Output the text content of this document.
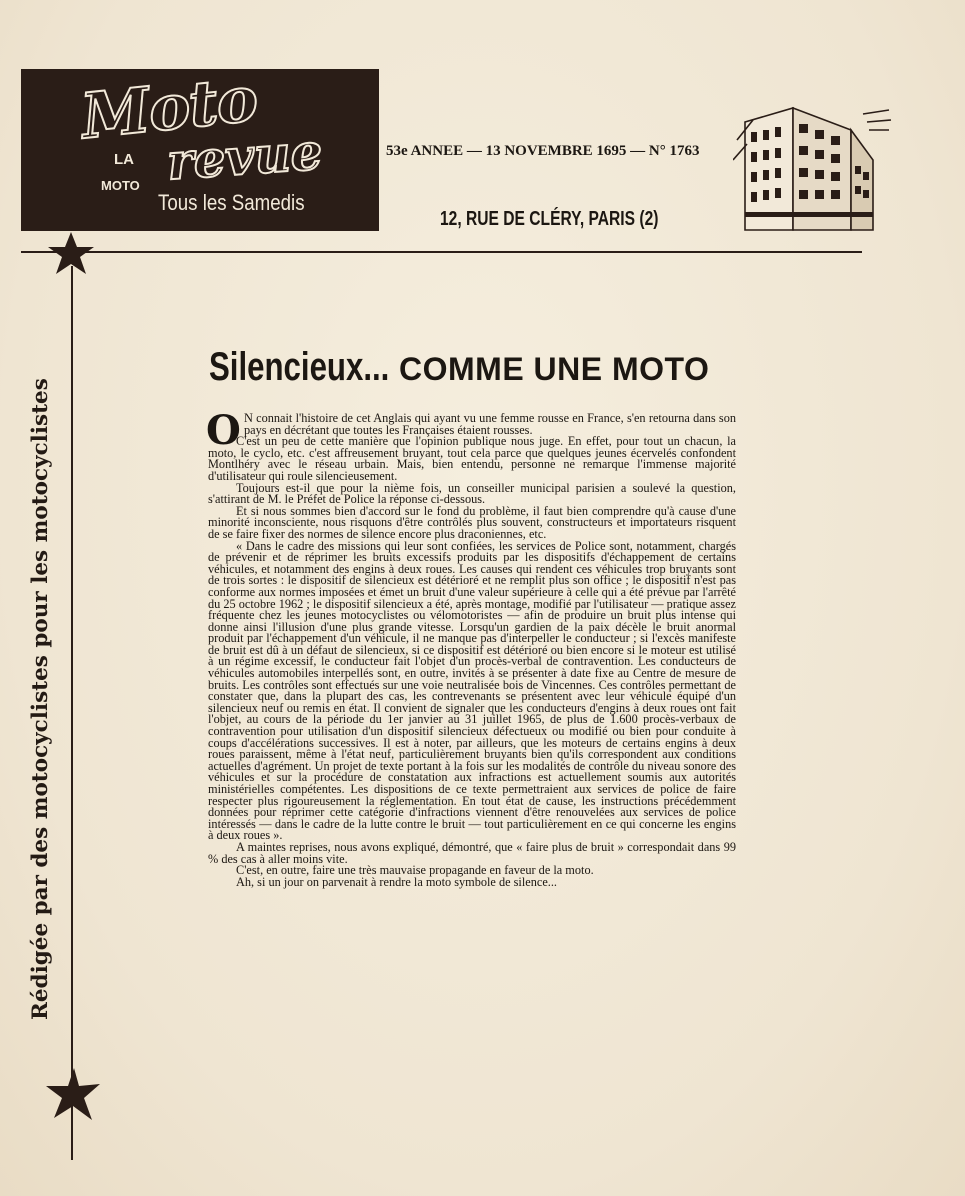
Moto
LA revue
MOTO
Tous les Samedis
53e ANNEE — 13 NOVEMBRE 1695 — N° 1763
12, RUE DE CLÉRY, PARIS (2)
Rédigée par des motocyclistes pour les motocyclistes
Silencieux... COMME UNE MOTO
O N connait l'histoire de cet Anglais qui ayant vu une femme rousse en France, s'en retourna dans son pays en décrétant que toutes les Françaises étaient rousses.

C'est un peu de cette manière que l'opinion publique nous juge. En effet, pour tout un chacun, la moto, le cyclo, etc. c'est affreusement bruyant, tout cela parce que quelques jeunes écervelés confondent Montlhéry avec le réseau urbain. Mais, bien entendu, personne ne remarque l'immense majorité d'utilisateur qui roule silencieusement.

Toujours est-il que pour la nième fois, un conseiller municipal parisien a soulevé la question, s'attirant de M. le Préfet de Police la réponse ci-dessous.

Et si nous sommes bien d'accord sur le fond du problème, il faut bien comprendre qu'à cause d'une minorité inconsciente, nous risquons d'être contrôlés plus souvent, constructeurs et importateurs risquent de se faire fixer des normes de silence encore plus draconiennes, etc.

« Dans le cadre des missions qui leur sont confiées, les services de Police sont, notamment, chargés de prévenir et de réprimer les bruits excessifs produits par les dispositifs d'échappement de certains véhicules, et notamment des engins à deux roues. Les causes qui rendent ces véhicules trop bruyants sont de trois sortes : le dispositif de silencieux est détérioré et ne remplit plus son office ; le dispositif n'est pas conforme aux normes imposées et émet un bruit d'une valeur supérieure à celle qui a été prévue par l'arrêté du 25 octobre 1962 ; le dispositif silencieux a été, après montage, modifié par l'utilisateur — pratique assez fréquente chez les jeunes motocyclistes ou vélomotoristes — afin de produire un bruit plus intense qui donne ainsi l'illusion d'une plus grande vitesse. Lorsqu'un gardien de la paix décèle le bruit anormal produit par l'échappement d'un véhicule, il ne manque pas d'interpeller le conducteur ; si l'excès manifeste de bruit est dû à un défaut de silencieux, si ce dispositif est détérioré ou bien encore si le moteur est utilisé à un régime excessif, le conducteur fait l'objet d'un procès-verbal de contravention. Les conducteurs de véhicules automobiles interpellés sont, en outre, invités à se présenter à date fixe au Centre de mesure de bruits. Les contrôles sont effectués sur une voie neutralisée bois de Vincennes. Ces contrôles permettant de constater que, dans la plupart des cas, les contrevenants se présentent avec leur véhicule équipé d'un silencieux neuf ou remis en état. Il convient de signaler que les conducteurs d'engins à deux roues ont fait l'objet, au cours de la période du 1er janvier au 31 juillet 1965, de plus de 1.600 procès-verbaux de contravention pour utilisation d'un dispositif silencieux défectueux ou modifié ou bien pour conduite à coups d'accélérations successives. Il est à noter, par ailleurs, que les moteurs de certains engins à deux roues paraissent, même à l'état neuf, particulièrement bruyants bien qu'ils correspondent aux conditions actuelles d'agrément. Un projet de texte portant à la fois sur les modalités de contrôle du niveau sonore des véhicules et sur la procédure de constatation aux infractions est actuellement soumis aux autorités ministérielles compétentes. Les dispositions de ce texte permettraient aux services de police de faire respecter plus rigoureusement la réglementation. En tout état de cause, les instructions précédemment données pour réprimer cette catégorie d'infractions viennent d'être renouvelées aux services de police intéressés — dans le cadre de la lutte contre le bruit — tout particulièrement en ce qui concerne les engins à deux roues ».

A maintes reprises, nous avons expliqué, démontré, que « faire plus de bruit » correspondait dans 99 % des cas à aller moins vite.

C'est, en outre, faire une très mauvaise propagande en faveur de la moto.

Ah, si un jour on parvenait à rendre la moto symbole de silence...
